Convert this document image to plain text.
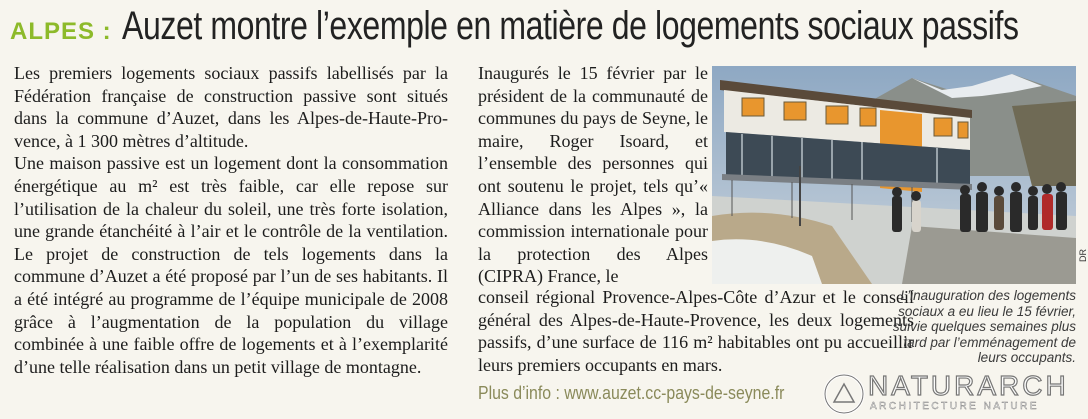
ALPES : Auzet montre l’exemple en matière de logements sociaux passifs

Les premiers logements sociaux passifs labellisés par la Fédération française de construction passive sont situés dans la commune d’Auzet, dans les Alpes-de-Haute-Provence, à 1 300 mètres d’altitude.

Une maison passive est un logement dont la consommation énergétique au m² est très faible, car elle repose sur l’utilisation de la chaleur du soleil, une très forte isolation, une grande étanchéité à l’air et le contrôle de la ventilation. Le projet de construction de tels logements dans la commune d’Auzet a été proposé par l’un de ses habitants. Il a été intégré au programme de l’équipe municipale de 2008 grâce à l’augmentation de la population du village combinée à une faible offre de logements et à l’exemplarité d’une telle réalisation dans un petit village de montagne.

Inaugurés le 15 février par le président de la communauté de communes du pays de Seyne, le maire, Roger Isoard, et l’ensemble des personnes qui ont soutenu le projet, tels qu’« Alliance dans les Alpes », la commission internationale pour la protection des Alpes (CIPRA) France, le

conseil régional Provence-Alpes-Côte d’Azur et le conseil général des Alpes-de-Haute-Provence, les deux logements passifs, d’une surface de 116 m² habitables ont pu accueillir leurs premiers occupants en mars.

Plus d’info : www.auzet.cc-pays-de-seyne.fr
DR
L’inauguration des logements sociaux a eu lieu le 15 février, suivie quelques semaines plus tard par l’emménagement de leurs occupants.
NATURARCH
ARCHITECTURE NATURE
